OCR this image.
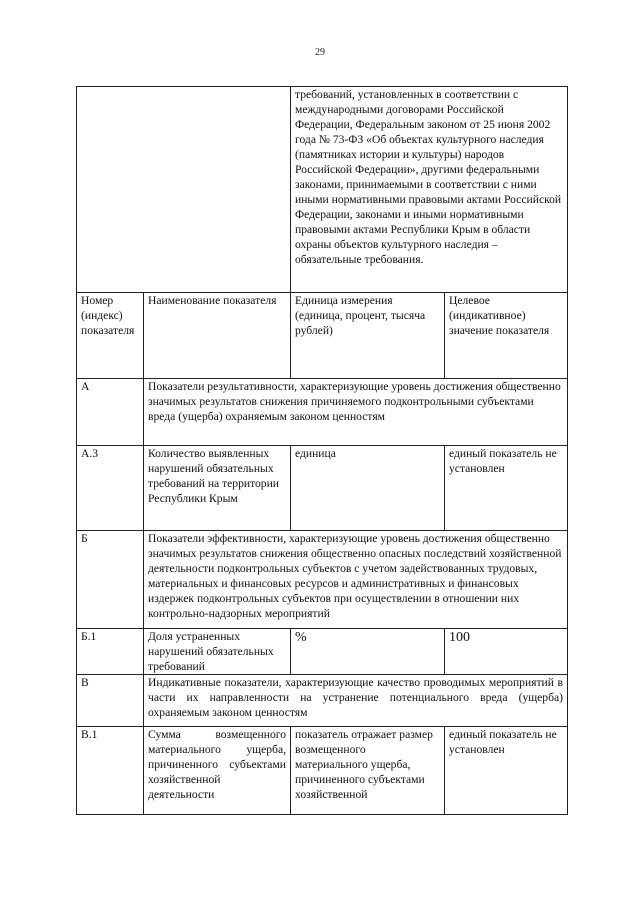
29
		требований, установленных в соответствии с международными договорами Российской Федерации, Федеральным законом от 25 июня 2002 года № 73-ФЗ «Об объектах культурного наследия (памятниках истории и культуры) народов Российской Федерации», другими федеральными законами, принимаемыми в соответствии с ними иными нормативными правовыми актами Российской Федерации, законами и иными нормативными правовыми актами Республики Крым в области охраны объектов культурного наследия – обязательные требования.	
Номер (индекс) показателя	Наименование показателя	Единица измерения (единица, процент, тысяча рублей)	Целевое (индикативное) значение показателя
А	Показатели результативности, характеризующие уровень достижения общественно значимых результатов снижения причиняемого подконтрольными субъектами вреда (ущерба) охраняемым законом ценностям		
А.3	Количество выявленных нарушений обязательных требований на территории Республики Крым	единица	единый показатель не установлен
Б	Показатели эффективности, характеризующие уровень достижения общественно значимых результатов снижения общественно опасных последствий хозяйственной деятельности подконтрольных субъектов с учетом задействованных трудовых, материальных и финансовых ресурсов и административных и финансовых издержек подконтрольных субъектов при осуществлении в отношении них контрольно-надзорных мероприятий		
Б.1	Доля устраненных нарушений обязательных требований	%	100
В	Индикативные показатели, характеризующие качество проводимых мероприятий в части их направленности на устранение потенциального вреда (ущерба) охраняемым законом ценностям		
В.1	Сумма возмещенного материального ущерба, причиненного субъектами хозяйственной деятельности	показатель отражает размер возмещенного материального ущерба, причиненного субъектами хозяйственной	единый показатель не установлен
